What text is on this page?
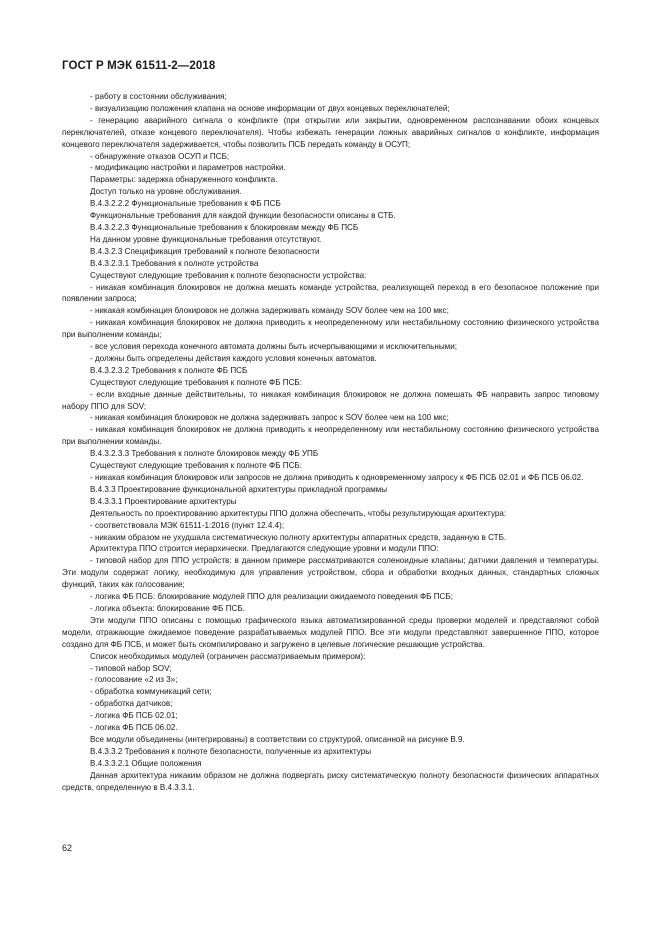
ГОСТ Р МЭК 61511-2—2018

- работу в состоянии обслуживания;

- визуализацию положения клапана на основе информации от двух концевых переключателей;

- генерацию аварийного сигнала о конфликте (при открытии или закрытии, одновременном распознавании обоих концевых переключателей, отказе концевого переключателя). Чтобы избежать генерации ложных аварийных сигналов о конфликте, информация концевого переключателя задерживается, чтобы позволить ПСБ передать команду в ОСУП;

- обнаружение отказов ОСУП и ПСБ;

- модификацию настройки и параметров настройки.

Параметры: задержка обнаруженного конфликта.

Доступ только на уровне обслуживания.

В.4.3.2.2.2 Функциональные требования к ФБ ПСБ

Функциональные требования для каждой функции безопасности описаны в СТБ.

В.4.3.2.2.3 Функциональные требования к блокировкам между ФБ ПСБ

На данном уровне функциональные требования отсутствуют.

В.4.3.2.3 Спецификация требований к полноте безопасности

В.4.3.2.3.1 Требования к полноте устройства

Существуют следующие требования к полноте безопасности устройства:

- никакая комбинация блокировок не должна мешать команде устройства, реализующей переход в его безопасное положение при появлении запроса;

- никакая комбинация блокировок не должна задерживать команду SOV более чем на 100 мкс;

- никакая комбинация блокировок не должна приводить к неопределенному или нестабильному состоянию физического устройства при выполнении команды;

- все условия перехода конечного автомата должны быть исчерпывающими и исключительными;

- должны быть определены действия каждого условия конечных автоматов.

В.4.3.2.3.2 Требования к полноте ФБ ПСБ

Существуют следующие требования к полноте ФБ ПСБ:

- если входные данные действительны, то никакая комбинация блокировок не должна помешать ФБ направить запрос типовому набору ППО для SOV;

- никакая комбинация блокировок не должна задерживать запрос к SOV более чем на 100 мкс;

- никакая комбинация блокировок не должна приводить к неопределенному или нестабильному состоянию физического устройства при выполнении команды.

В.4.3.2.3.3 Требования к полноте блокировок между ФБ УПБ

Существуют следующие требования к полноте ФБ ПСБ:

- никакая комбинация блокировок или запросов не должна приводить к одновременному запросу к ФБ ПСБ 02.01 и ФБ ПСБ 06.02.

В.4.3.3 Проектирование функциональной архитектуры прикладной программы

В.4.3.3.1 Проектирование архитектуры

Деятельность по проектированию архитектуры ППО должна обеспечить, чтобы результирующая архитектура:

- соответствовала МЭК 61511-1:2016 (пункт 12.4.4);

- никаким образом не ухудшала систематическую полноту архитектуры аппаратных средств, заданную в СТБ.

Архитектура ППО строится иерархически. Предлагаются следующие уровни и модули ППО:

- типовой набор для ППО устройств: в данном примере рассматриваются соленоидные клапаны; датчики давления и температуры. Эти модули содержат логику, необходимую для управления устройством, сбора и обработки входных данных, стандартных сложных функций, таких как голосование;

- логика ФБ ПСБ: блокирование модулей ППО для реализации ожидаемого поведения ФБ ПСБ;

- логика объекта: блокирование ФБ ПСБ.

Эти модули ППО описаны с помощью графического языка автоматизированной среды проверки моделей и представляют собой модели, отражающие ожидаемое поведение разрабатываемых модулей ППО. Все эти модули представляют завершенное ППО, которое создано для ФБ ПСБ, и может быть скомпилировано и загружено в целевые логические решающие устройства.

Список необходимых модулей (ограничен рассматриваемым примером):

- типовой набор SOV;

- голосование «2 из 3»;

- обработка коммуникаций сети;

- обработка датчиков;

- логика ФБ ПСБ 02.01;

- логика ФБ ПСБ 06.02.

Все модули объединены (интегрированы) в соответствии со структурой, описанной на рисунке В.9.

В.4.3.3.2 Требования к полноте безопасности, полученные из архитектуры

В.4.3.3.2.1 Общие положения

Данная архитектура никаким образом не должна подвергать риску систематическую полноту безопасности физических аппаратных средств, определенную в В.4.3.3.1.

62
